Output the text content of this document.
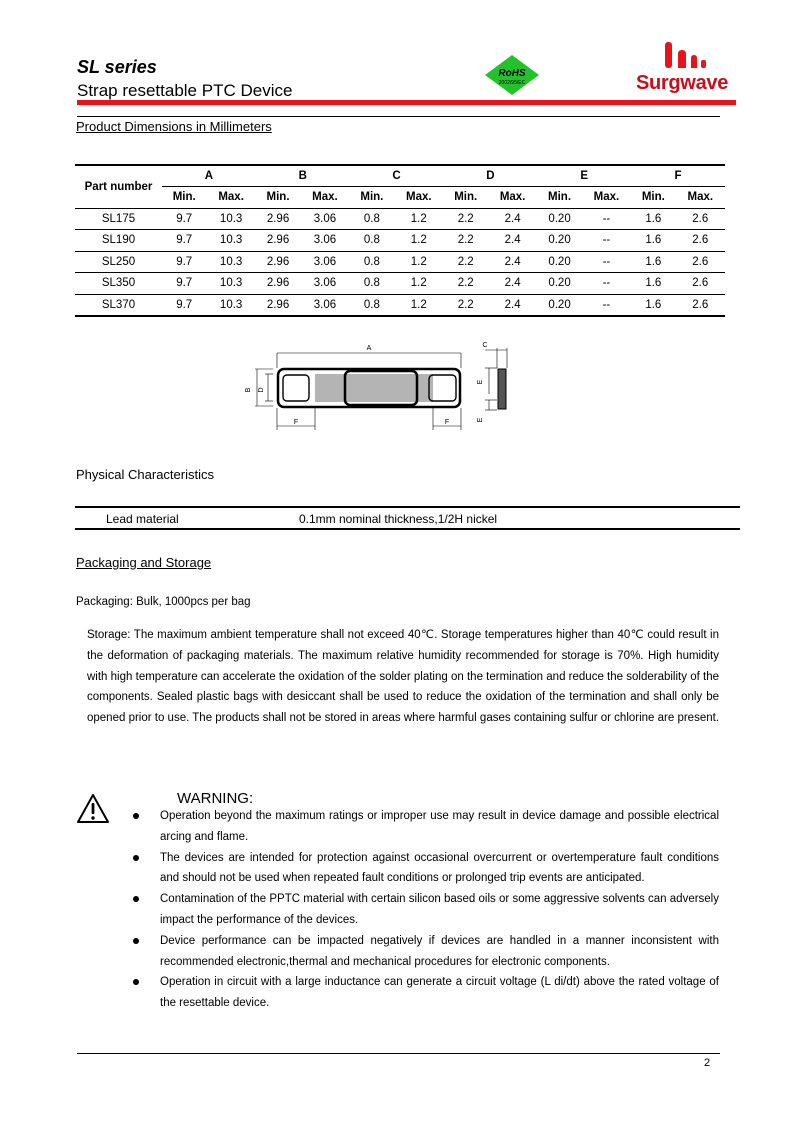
SL series
Strap resettable PTC Device
RoHS
2002/95/EC	Surgwave
Product Dimensions in Millimeters
Part number	A		B		C		D		E		F	
	Min.	Max.	Min.	Max.	Min.	Max.	Min.	Max.	Min.	Max.	Min.	Max.
SL175	9.7	10.3	2.96	3.06	0.8	1.2	2.2	2.4	0.20	--	1.6	2.6
SL190	9.7	10.3	2.96	3.06	0.8	1.2	2.2	2.4	0.20	--	1.6	2.6
SL250	9.7	10.3	2.96	3.06	0.8	1.2	2.2	2.4	0.20	--	1.6	2.6
SL350	9.7	10.3	2.96	3.06	0.8	1.2	2.2	2.4	0.20	--	1.6	2.6
SL370	9.7	10.3	2.96	3.06	0.8	1.2	2.2	2.4	0.20	--	1.6	2.6
A
B D
F	F
C
E
E
Physical Characteristics
Lead material	0.1mm nominal thickness,1/2H nickel
Packaging and Storage
Packaging: Bulk, 1000pcs per bag
Storage: The maximum ambient temperature shall not exceed 40℃. Storage temperatures higher than 40℃ could result in the deformation of packaging materials. The maximum relative humidity recommended for storage is 70%. High humidity with high temperature can accelerate the oxidation of the solder plating on the termination and reduce the solderability of the components. Sealed plastic bags with desiccant shall be used to reduce the oxidation of the termination and shall only be opened prior to use. The products shall not be stored in areas where harmful gases containing sulfur or chlorine are present.
WARNING:
Operation beyond the maximum ratings or improper use may result in device damage and possible electrical arcing and flame.
The devices are intended for protection against occasional overcurrent or overtemperature fault conditions and should not be used when repeated fault conditions or prolonged trip events are anticipated.
Contamination of the PPTC material with certain silicon based oils or some aggressive solvents can adversely impact the performance of the devices.
Device performance can be impacted negatively if devices are handled in a manner inconsistent with recommended electronic,thermal and mechanical procedures for electronic components.
Operation in circuit with a large inductance can generate a circuit voltage (L di/dt) above the rated voltage of the resettable device.
2
